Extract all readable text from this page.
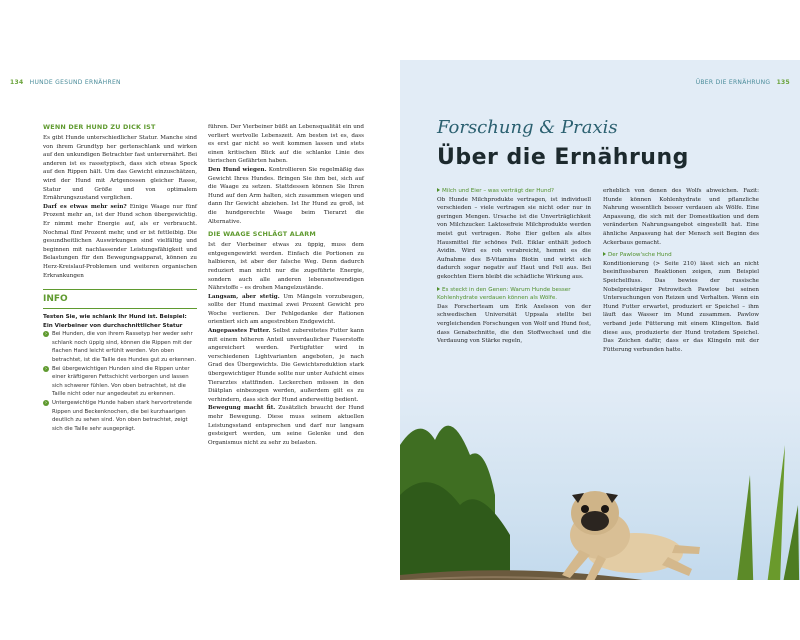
134 HUNDE GESUND ERNÄHREN
WENN DER HUND ZU DICK IST

Es gibt Hunde unterschiedlicher Statur. Manche sind von ihrem Grundtyp her gertenschlank und wirken auf den unkundigen Betrachter fast unterernährt. Bei anderen ist es rassetypisch, dass sich etwas Speck auf den Rippen hält. Um das Gewicht einzuschätzen, wird der Hund mit Artgenossen gleicher Rasse, Statur und Größe und von optimalem Ernährungszustand verglichen.

Darf es etwas mehr sein? Einige Waage nur fünf Prozent mehr an, ist der Hund schon übergewichtig. Er nimmt mehr Energie auf, als er verbraucht. Nochmal fünf Prozent mehr, und er ist fettleibig. Die gesundheitlichen Auswirkungen sind vielfältig und beginnen mit nachlassender Leistungsfähigkeit und Belastungen für den Bewegungsapparat, können zu Herz-Kreislauf-Problemen und weiteren organischen Erkrankungen

INFO
Testen Sie, wie schlank Ihr Hund ist. Beispiel:
Ein Vierbeiner von durchschnittlicher Statur
› Bei Hunden, die von ihrem Rassetyp her weder sehr schlank noch üppig sind, können die Rippen mit der flachen Hand leicht erfühlt werden. Von oben betrachtet, ist die Taille des Hundes gut zu erkennen.
› Bei übergewichtigen Hunden sind die Rippen unter einer kräftigeren Fettschicht verborgen und lassen sich schwerer fühlen. Von oben betrachtet, ist die Taille nicht oder nur angedeutet zu erkennen.
› Untergewichtige Hunde haben stark hervortretende Rippen und Beckenknochen, die bei kurzhaarigen deutlich zu sehen sind. Von oben betrachtet, zeigt sich die Taille sehr ausgeprägt.

führen. Der Vierbeiner büßt an Lebensqualität ein und verliert wertvolle Lebenszeit. Am besten ist es, dass es erst gar nicht so weit kommen lassen und stets einen kritischen Blick auf die schlanke Linie des tierischen Gefährten haben.

Den Hund wiegen. Kontrollieren Sie regelmäßig das Gewicht Ihres Hundes. Bringen Sie ihm bei, sich auf die Waage zu setzen. Stattdessen können Sie Ihren Hund auf den Arm halten, sich zusammen wiegen und dann Ihr Gewicht abziehen. Ist Ihr Hund zu groß, ist die hundgerechte Waage beim Tierarzt die Alternative.

DIE WAAGE SCHLÄGT ALARM

Ist der Vierbeiner etwas zu üppig, muss dem entgegengewirkt werden. Einfach die Portionen zu halbieren, ist aber der falsche Weg. Denn dadurch reduziert man nicht nur die zugeführte Energie, sondern auch alle anderen lebensnotwendigen Nährstoffe – es drohen Mangelzustände.

Langsam, aber stetig. Um Mängeln vorzubeugen, sollte der Hund maximal zwei Prozent Gewicht pro Woche verlieren. Der Fehlgedanke der Rationen orientiert sich am angestrebten Endgewicht.

Angepasstes Futter. Selbst zubereitetes Futter kann mit einem höheren Anteil unverdaulicher Faserstoffe angereichert werden. Fertigfutter wird in verschiedenen Lightvarianten angeboten, je nach Grad des Übergewichts. Die Gewichtsreduktion stark übergewichtiger Hunde sollte nur unter Aufsicht eines Tierarztes stattfinden. Leckerchen müssen in den Diätplan einbezogen werden, außerdem gilt es zu verhindern, dass sich der Hund anderweitig bedient.

Bewegung macht fit. Zusätzlich braucht der Hund mehr Bewegung. Diese muss seinem aktuellen Leistungsstand entsprechen und darf nur langsam gesteigert werden, um seine Gelenke und den Organismus nicht zu sehr zu belasten.

ÜBER DIE ERNÄHRUNG 135
Forschung & Praxis
Über die Ernährung
Milch und Eier – was verträgt der Hund?

Ob Hunde Milchprodukte vertragen, ist individuell verschieden – viele vertragen sie nicht oder nur in geringen Mengen. Ursache ist die Unverträglichkeit von Milchzucker. Laktosefreie Milchprodukte werden meist gut vertragen. Rohe Eier gelten als altes Hausmittel für schönes Fell. Eiklar enthält jedoch Avidin. Wird es roh verabreicht, hemmt es die Aufnahme des B-Vitamins Biotin und wirkt sich dadurch sogar negativ auf Haut und Fell aus. Bei gekochten Eiern bleibt die schädliche Wirkung aus.

Es steckt in den Genen: Warum Hunde besser Kohlenhydrate verdauen können als Wölfe.

Das Forscherteam um Erik Axelsson von der schwedischen Universität Uppsala stellte bei vergleichenden Forschungen von Wolf und Hund fest, dass Genabschnitte, die den Stoffwechsel und die Verdauung von Stärke regeln,

erheblich von denen des Wolfs abweichen. Fazit: Hunde können Kohlenhydrate und pflanzliche Nahrung wesentlich besser verdauen als Wölfe. Eine Anpassung, die sich mit der Domestikation und dem veränderten Nahrungsangebot eingestellt hat. Eine ähnliche Anpassung hat der Mensch seit Beginn des Ackerbaus gemacht.

Der Pawlow'sche Hund

Konditionierung (> Seite 210) lässt sich an nicht beeinflussbaren Reaktionen zeigen, zum Beispiel Speichelfluss. Das bewies der russische Nobelpreisträger Petrowitsch Pawlow bei seinen Untersuchungen von Reizen und Verhalten. Wenn ein Hund Futter erwartet, produziert er Speichel – ihm läuft das Wasser im Mund zusammen. Pawlow verband jede Fütterung mit einem Klingelton. Bald diese aus, produzierte der Hund trotzdem Speichel. Das Zeichen dafür, dass er das Klingeln mit der Fütterung verbunden hatte.
